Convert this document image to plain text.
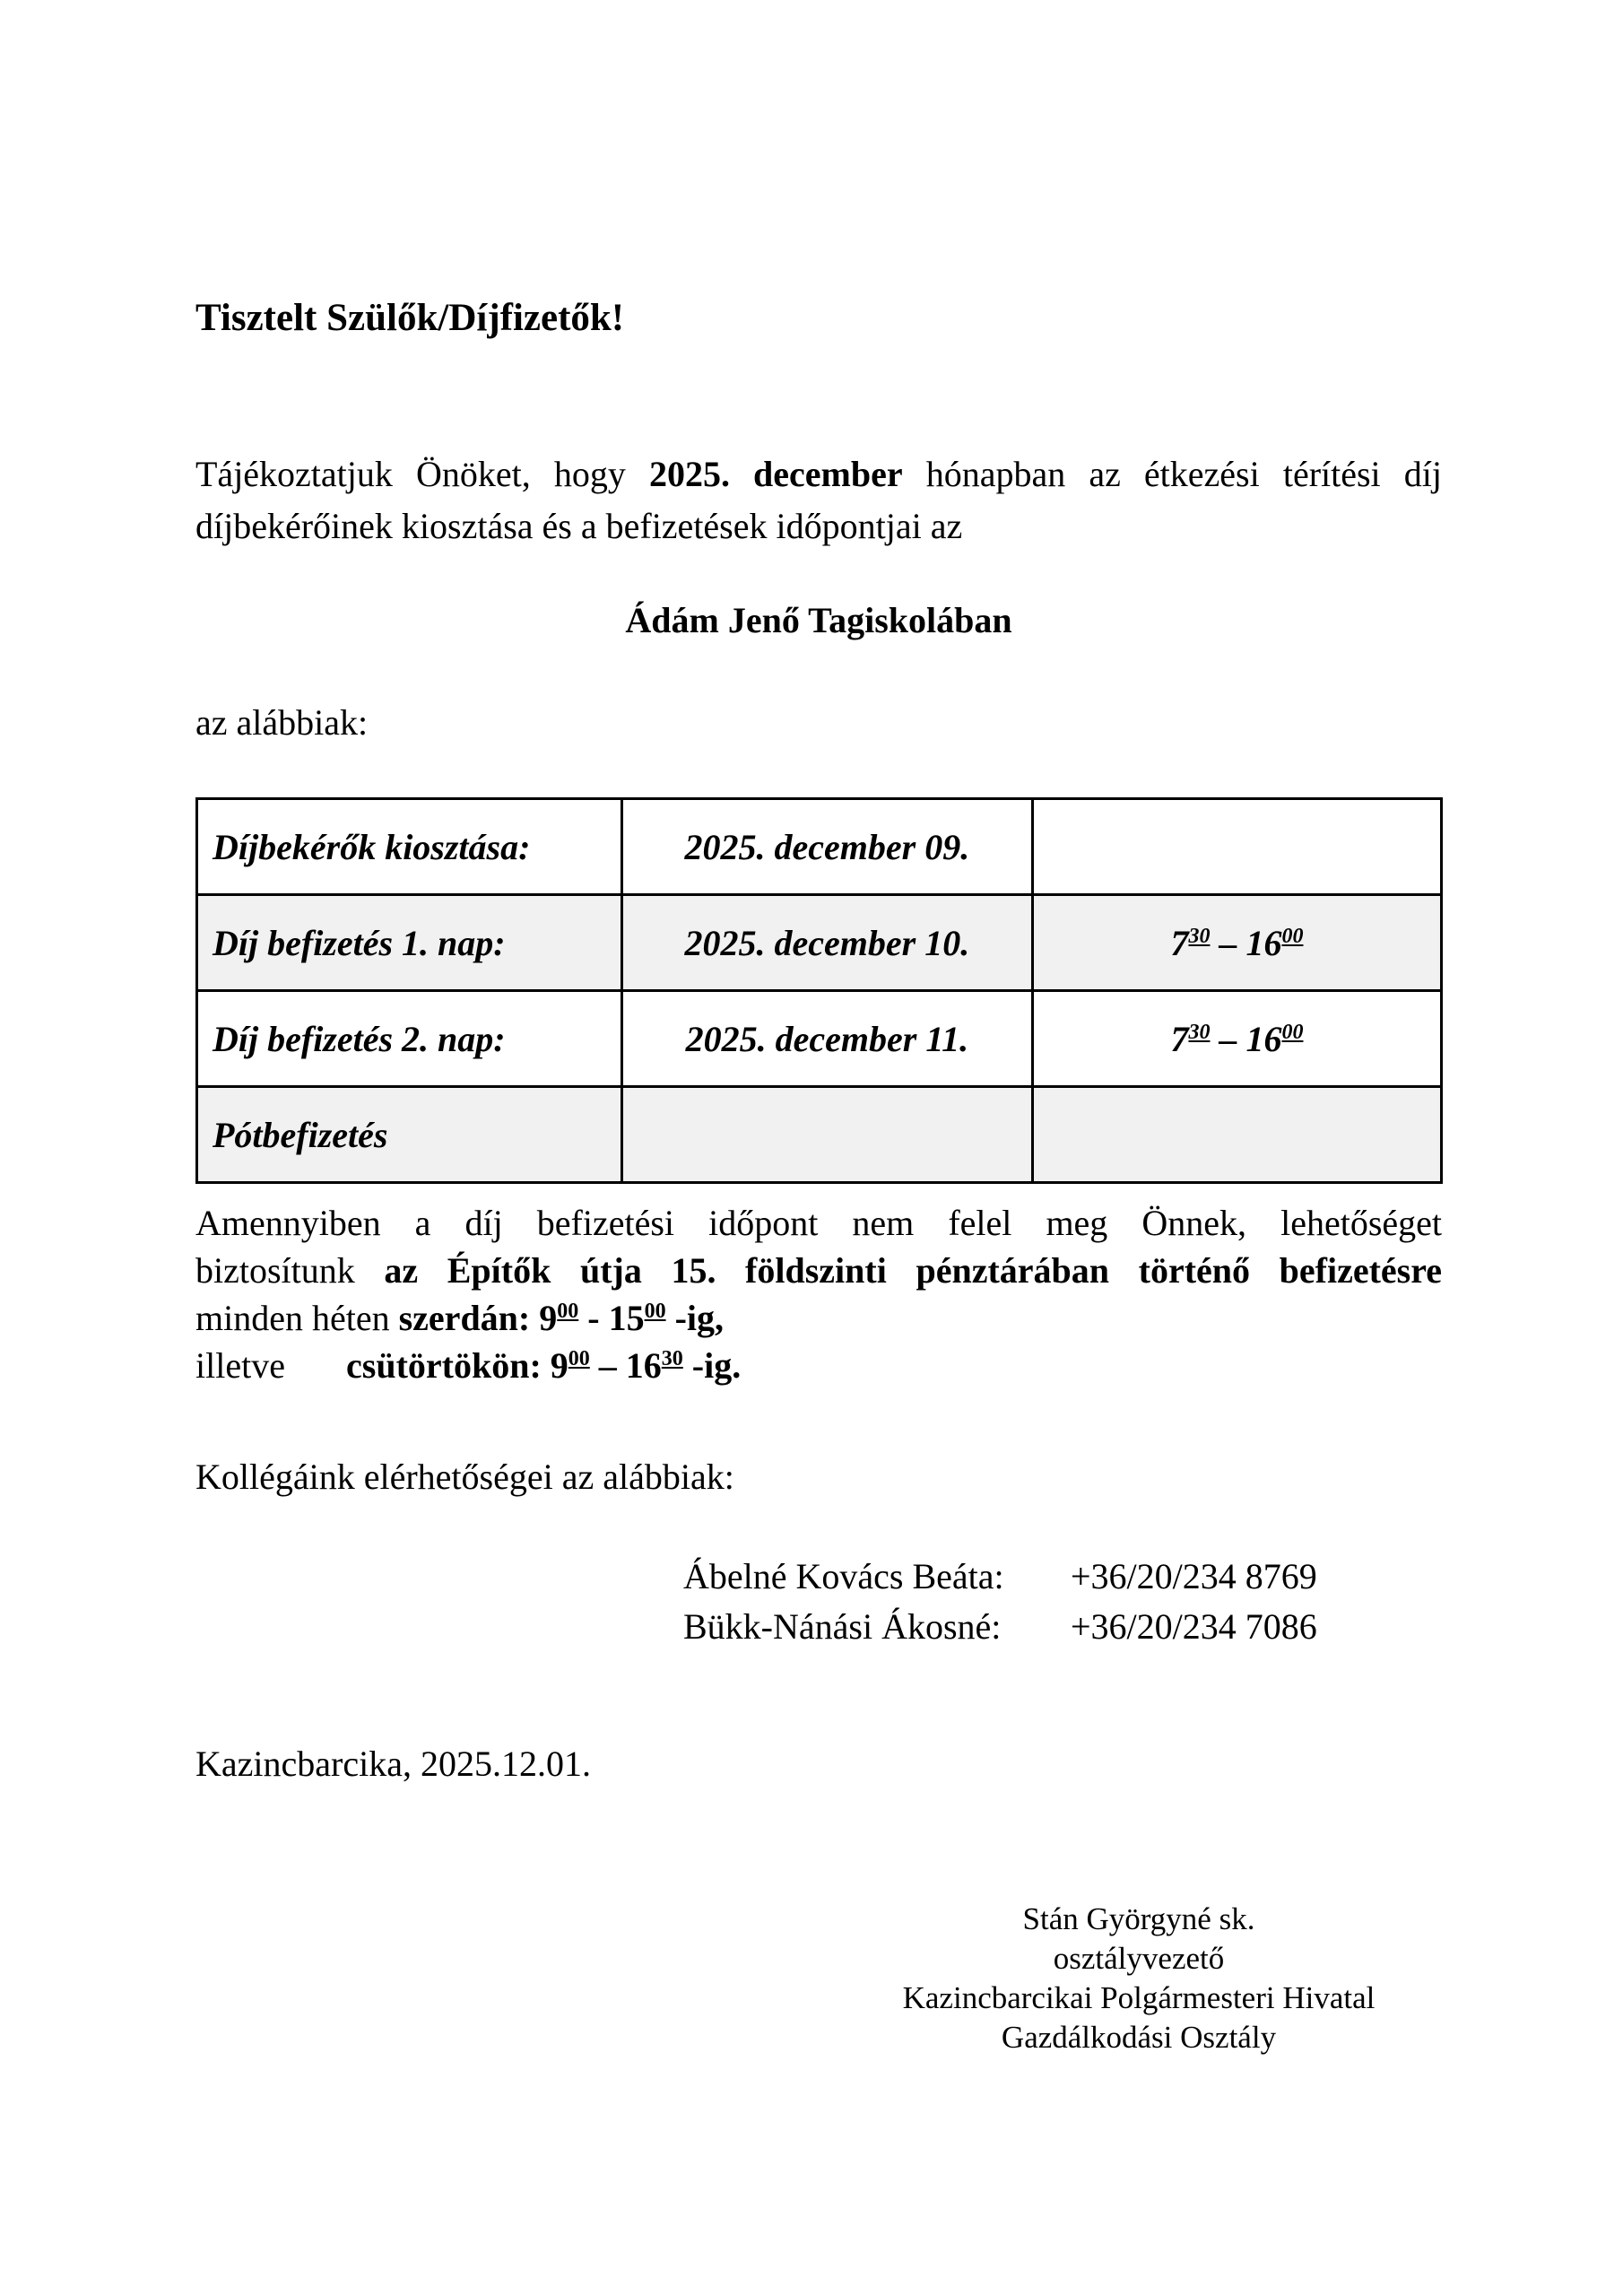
Tisztelt Szülők/Díjfizetők!
Tájékoztatjuk Önöket, hogy 2025. december hónapban az étkezési térítési díj
díjbekérőinek kiosztása és a befizetések időpontjai az
Ádám Jenő Tagiskolában
az alábbiak:
Díjbekérők kiosztása:	2025. december 09.	
Díj befizetés 1. nap:	2025. december 10.	$7^{30} - 16^{00}$
Díj befizetés 2. nap:	2025. december 11.	$7^{30} - 16^{00}$
Pótbefizetés		
Amennyiben a díj befizetési időpont nem felel meg Önnek, lehetőséget
biztosítunk az Építők útja 15. földszinti pénztárában történő befizetésre
minden héten szerdán: $9^{00} - 15^{00}$ -ig,
illetve csütörtökön: $9^{00} - 16^{30}$ -ig.
Kollégáink elérhetőségei az alábbiak:
Ábelné Kovács Beáta:	+36/20/234 8769
Bükk-Nánási Ákosné:	+36/20/234 7086
Kazincbarcika, 2025.12.01.
Stán Györgyné sk.
osztályvezető
Kazincbarcikai Polgármesteri Hivatal
Gazdálkodási Osztály
